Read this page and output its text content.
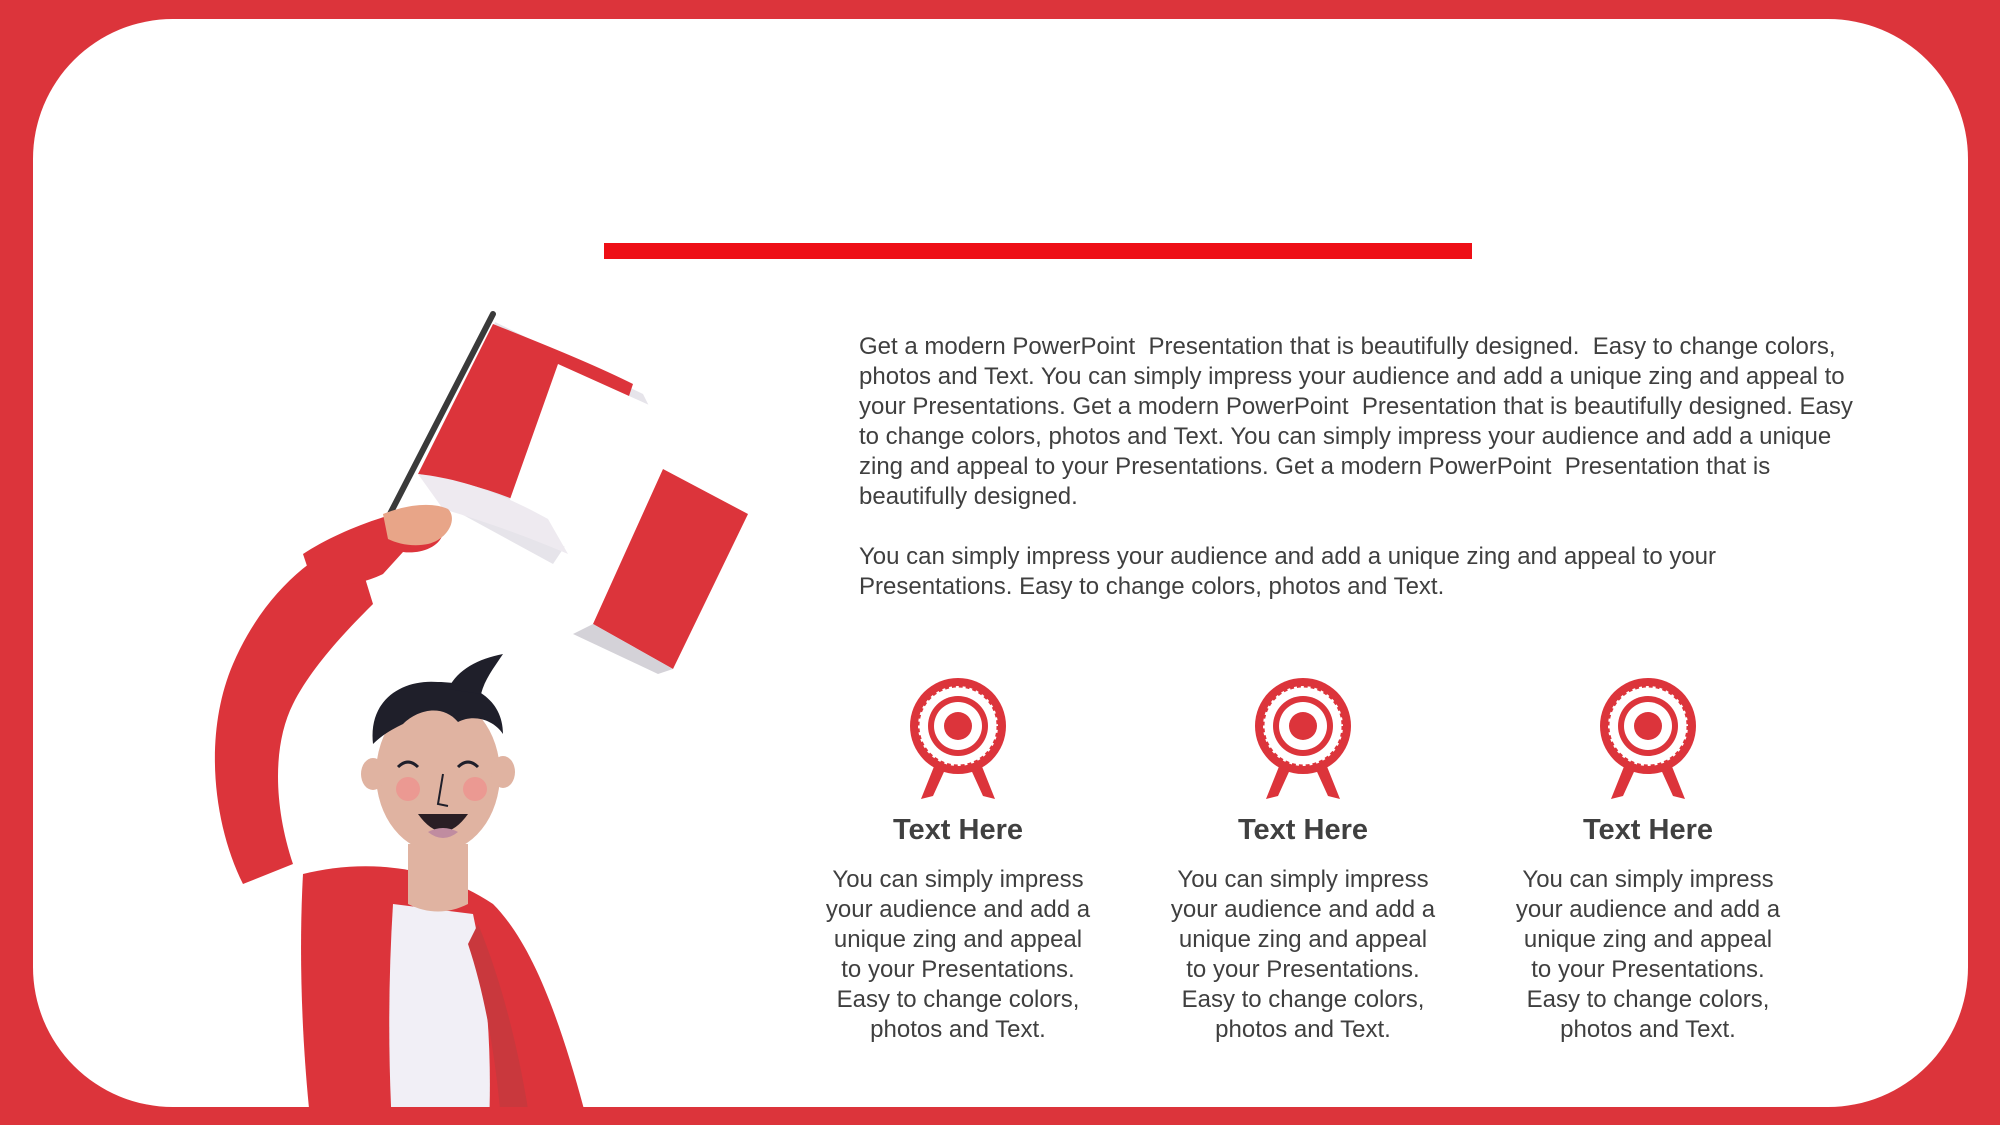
Get a modern PowerPoint  Presentation that is beautifully designed.  Easy to change colors, photos and Text. You can simply impress your audience and add a unique zing and appeal to your Presentations. Get a modern PowerPoint  Presentation that is beautifully designed. Easy to change colors, photos and Text. You can simply impress your audience and add a unique zing and appeal to your Presentations. Get a modern PowerPoint  Presentation that is beautifully designed.

You can simply impress your audience and add a unique zing and appeal to your Presentations. Easy to change colors, photos and Text.

Text Here

You can simply impress your audience and add a unique zing and appeal to your Presentations. Easy to change colors, photos and Text.

Text Here

You can simply impress your audience and add a unique zing and appeal to your Presentations. Easy to change colors, photos and Text.

Text Here

You can simply impress your audience and add a unique zing and appeal to your Presentations. Easy to change colors, photos and Text.
